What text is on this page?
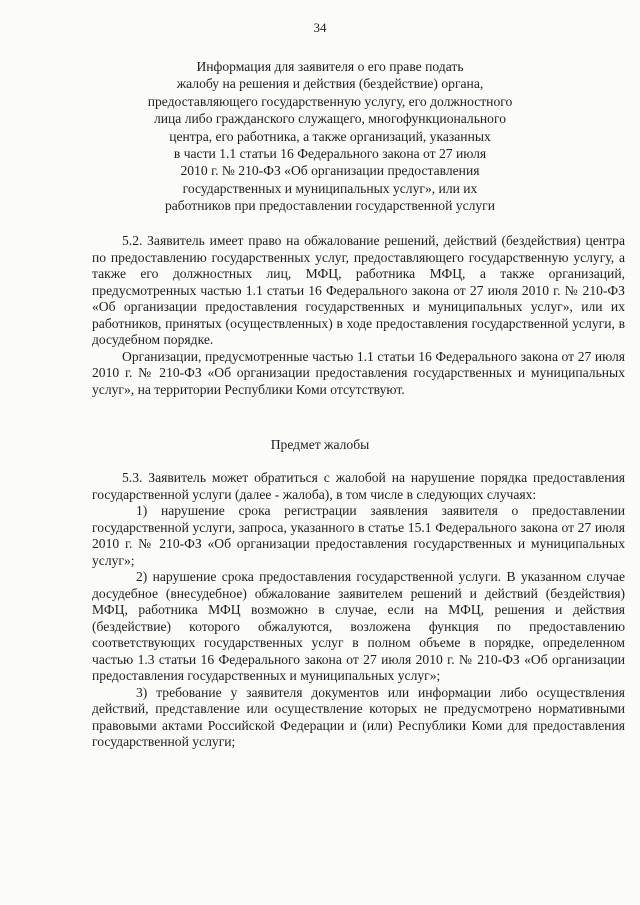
34
Информация для заявителя о его праве подать
жалобу на решения и действия (бездействие) органа,
предоставляющего государственную услугу, его должностного
лица либо гражданского служащего, многофункционального
центра, его работника, а также организаций, указанных
в части 1.1 статьи 16 Федерального закона от 27 июля
2010 г. № 210-ФЗ «Об организации предоставления
государственных и муниципальных услуг», или их
работников при предоставлении государственной услуги

5.2. Заявитель имеет право на обжалование решений, действий (бездействия) центра по предоставлению государственных услуг, предоставляющего государственную услугу, а также его должностных лиц, МФЦ, работника МФЦ, а также организаций, предусмотренных частью 1.1 статьи 16 Федерального закона от 27 июля 2010 г. № 210-ФЗ «Об организации предоставления государственных и муниципальных услуг», или их работников, принятых (осуществленных) в ходе предоставления государственной услуги, в досудебном порядке.

Организации, предусмотренные частью 1.1 статьи 16 Федерального закона от 27 июля 2010 г. № 210-ФЗ «Об организации предоставления государственных и муниципальных услуг», на территории Республики Коми отсутствуют.

Предмет жалобы

5.3. Заявитель может обратиться с жалобой на нарушение порядка предоставления государственной услуги (далее - жалоба), в том числе в следующих случаях:

1) нарушение срока регистрации заявления заявителя о предоставлении государственной услуги, запроса, указанного в статье 15.1 Федерального закона от 27 июля 2010 г. № 210-ФЗ «Об организации предоставления государственных и муниципальных услуг»;

2) нарушение срока предоставления государственной услуги. В указанном случае досудебное (внесудебное) обжалование заявителем решений и действий (бездействия) МФЦ, работника МФЦ возможно в случае, если на МФЦ, решения и действия (бездействие) которого обжалуются, возложена функция по предоставлению соответствующих государственных услуг в полном объеме в порядке, определенном частью 1.3 статьи 16 Федерального закона от 27 июля 2010 г. № 210-ФЗ «Об организации предоставления государственных и муниципальных услуг»;

3) требование у заявителя документов или информации либо осуществления действий, представление или осуществление которых не предусмотрено нормативными правовыми актами Российской Федерации и (или) Республики Коми для предоставления государственной услуги;
